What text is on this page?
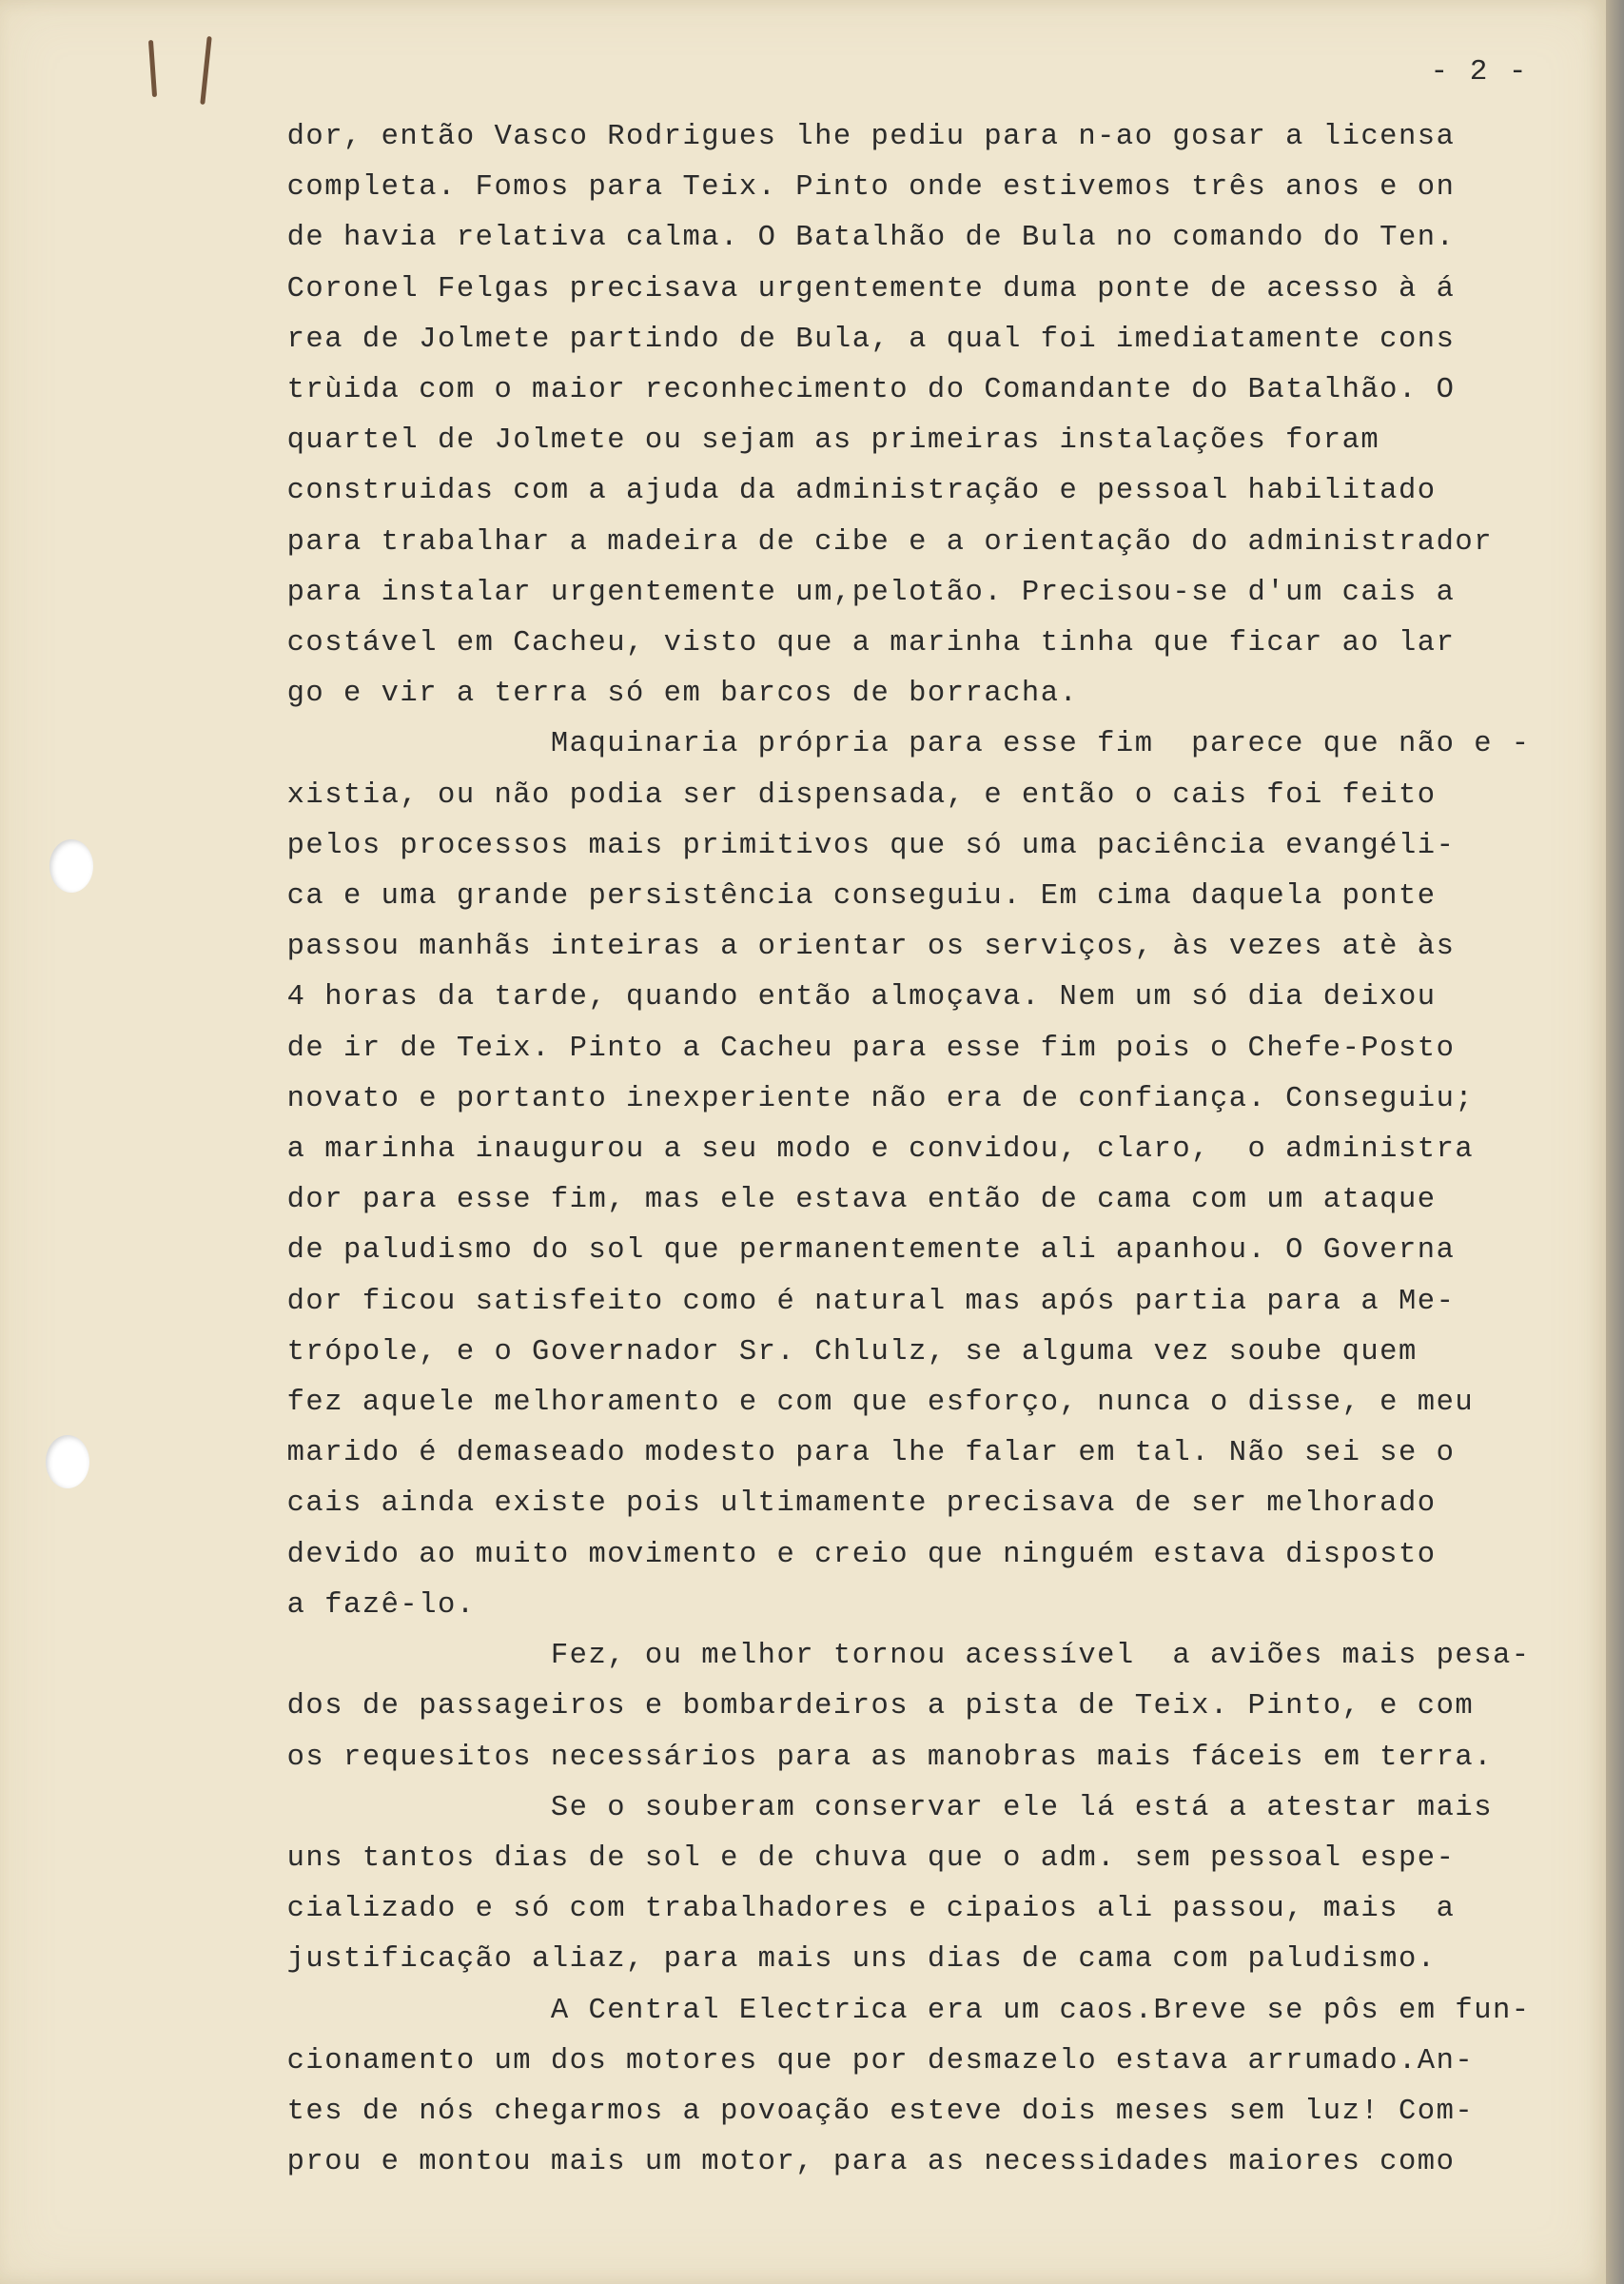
- 2 -
dor, então Vasco Rodrigues lhe pediu para n-ao gosar a licensa
completa. Fomos para Teix. Pinto onde estivemos três anos e on
de havia relativa calma. O Batalhão de Bula no comando do Ten.
Coronel Felgas precisava urgentemente duma ponte de acesso à á
rea de Jolmete partindo de Bula, a qual foi imediatamente cons
trùida com o maior reconhecimento do Comandante do Batalhão. O
quartel de Jolmete ou sejam as primeiras instalações foram
construidas com a ajuda da administração e pessoal habilitado
para trabalhar a madeira de cibe e a orientação do administrador
para instalar urgentemente um,pelotão. Precisou-se d'um cais a
costável em Cacheu, visto que a marinha tinha que ficar ao lar
go e vir a terra só em barcos de borracha.
Maquinaria própria para esse fim  parece que não e -
xistia, ou não podia ser dispensada, e então o cais foi feito
pelos processos mais primitivos que só uma paciência evangéli-
ca e uma grande persistência conseguiu. Em cima daquela ponte
passou manhãs inteiras a orientar os serviços, às vezes atè às
4 horas da tarde, quando então almoçava. Nem um só dia deixou
de ir de Teix. Pinto a Cacheu para esse fim pois o Chefe-Posto
novato e portanto inexperiente não era de confiança. Conseguiu;
a marinha inaugurou a seu modo e convidou, claro,  o administra
dor para esse fim, mas ele estava então de cama com um ataque
de paludismo do sol que permanentemente ali apanhou. O Governa
dor ficou satisfeito como é natural mas após partia para a Me-
trópole, e o Governador Sr. Chlulz, se alguma vez soube quem
fez aquele melhoramento e com que esforço, nunca o disse, e meu
marido é demaseado modesto para lhe falar em tal. Não sei se o
cais ainda existe pois ultimamente precisava de ser melhorado
devido ao muito movimento e creio que ninguém estava disposto
a fazê-lo.
Fez, ou melhor tornou acessível  a aviões mais pesa-
dos de passageiros e bombardeiros a pista de Teix. Pinto, e com
os requesitos necessários para as manobras mais fáceis em terra.
Se o souberam conservar ele lá está a atestar mais
uns tantos dias de sol e de chuva que o adm. sem pessoal espe-
cializado e só com trabalhadores e cipaios ali passou, mais  a
justificação aliaz, para mais uns dias de cama com paludismo.
A Central Electrica era um caos.Breve se pôs em fun-
cionamento um dos motores que por desmazelo estava arrumado.An-
tes de nós chegarmos a povoação esteve dois meses sem luz! Com-
prou e montou mais um motor, para as necessidades maiores como
